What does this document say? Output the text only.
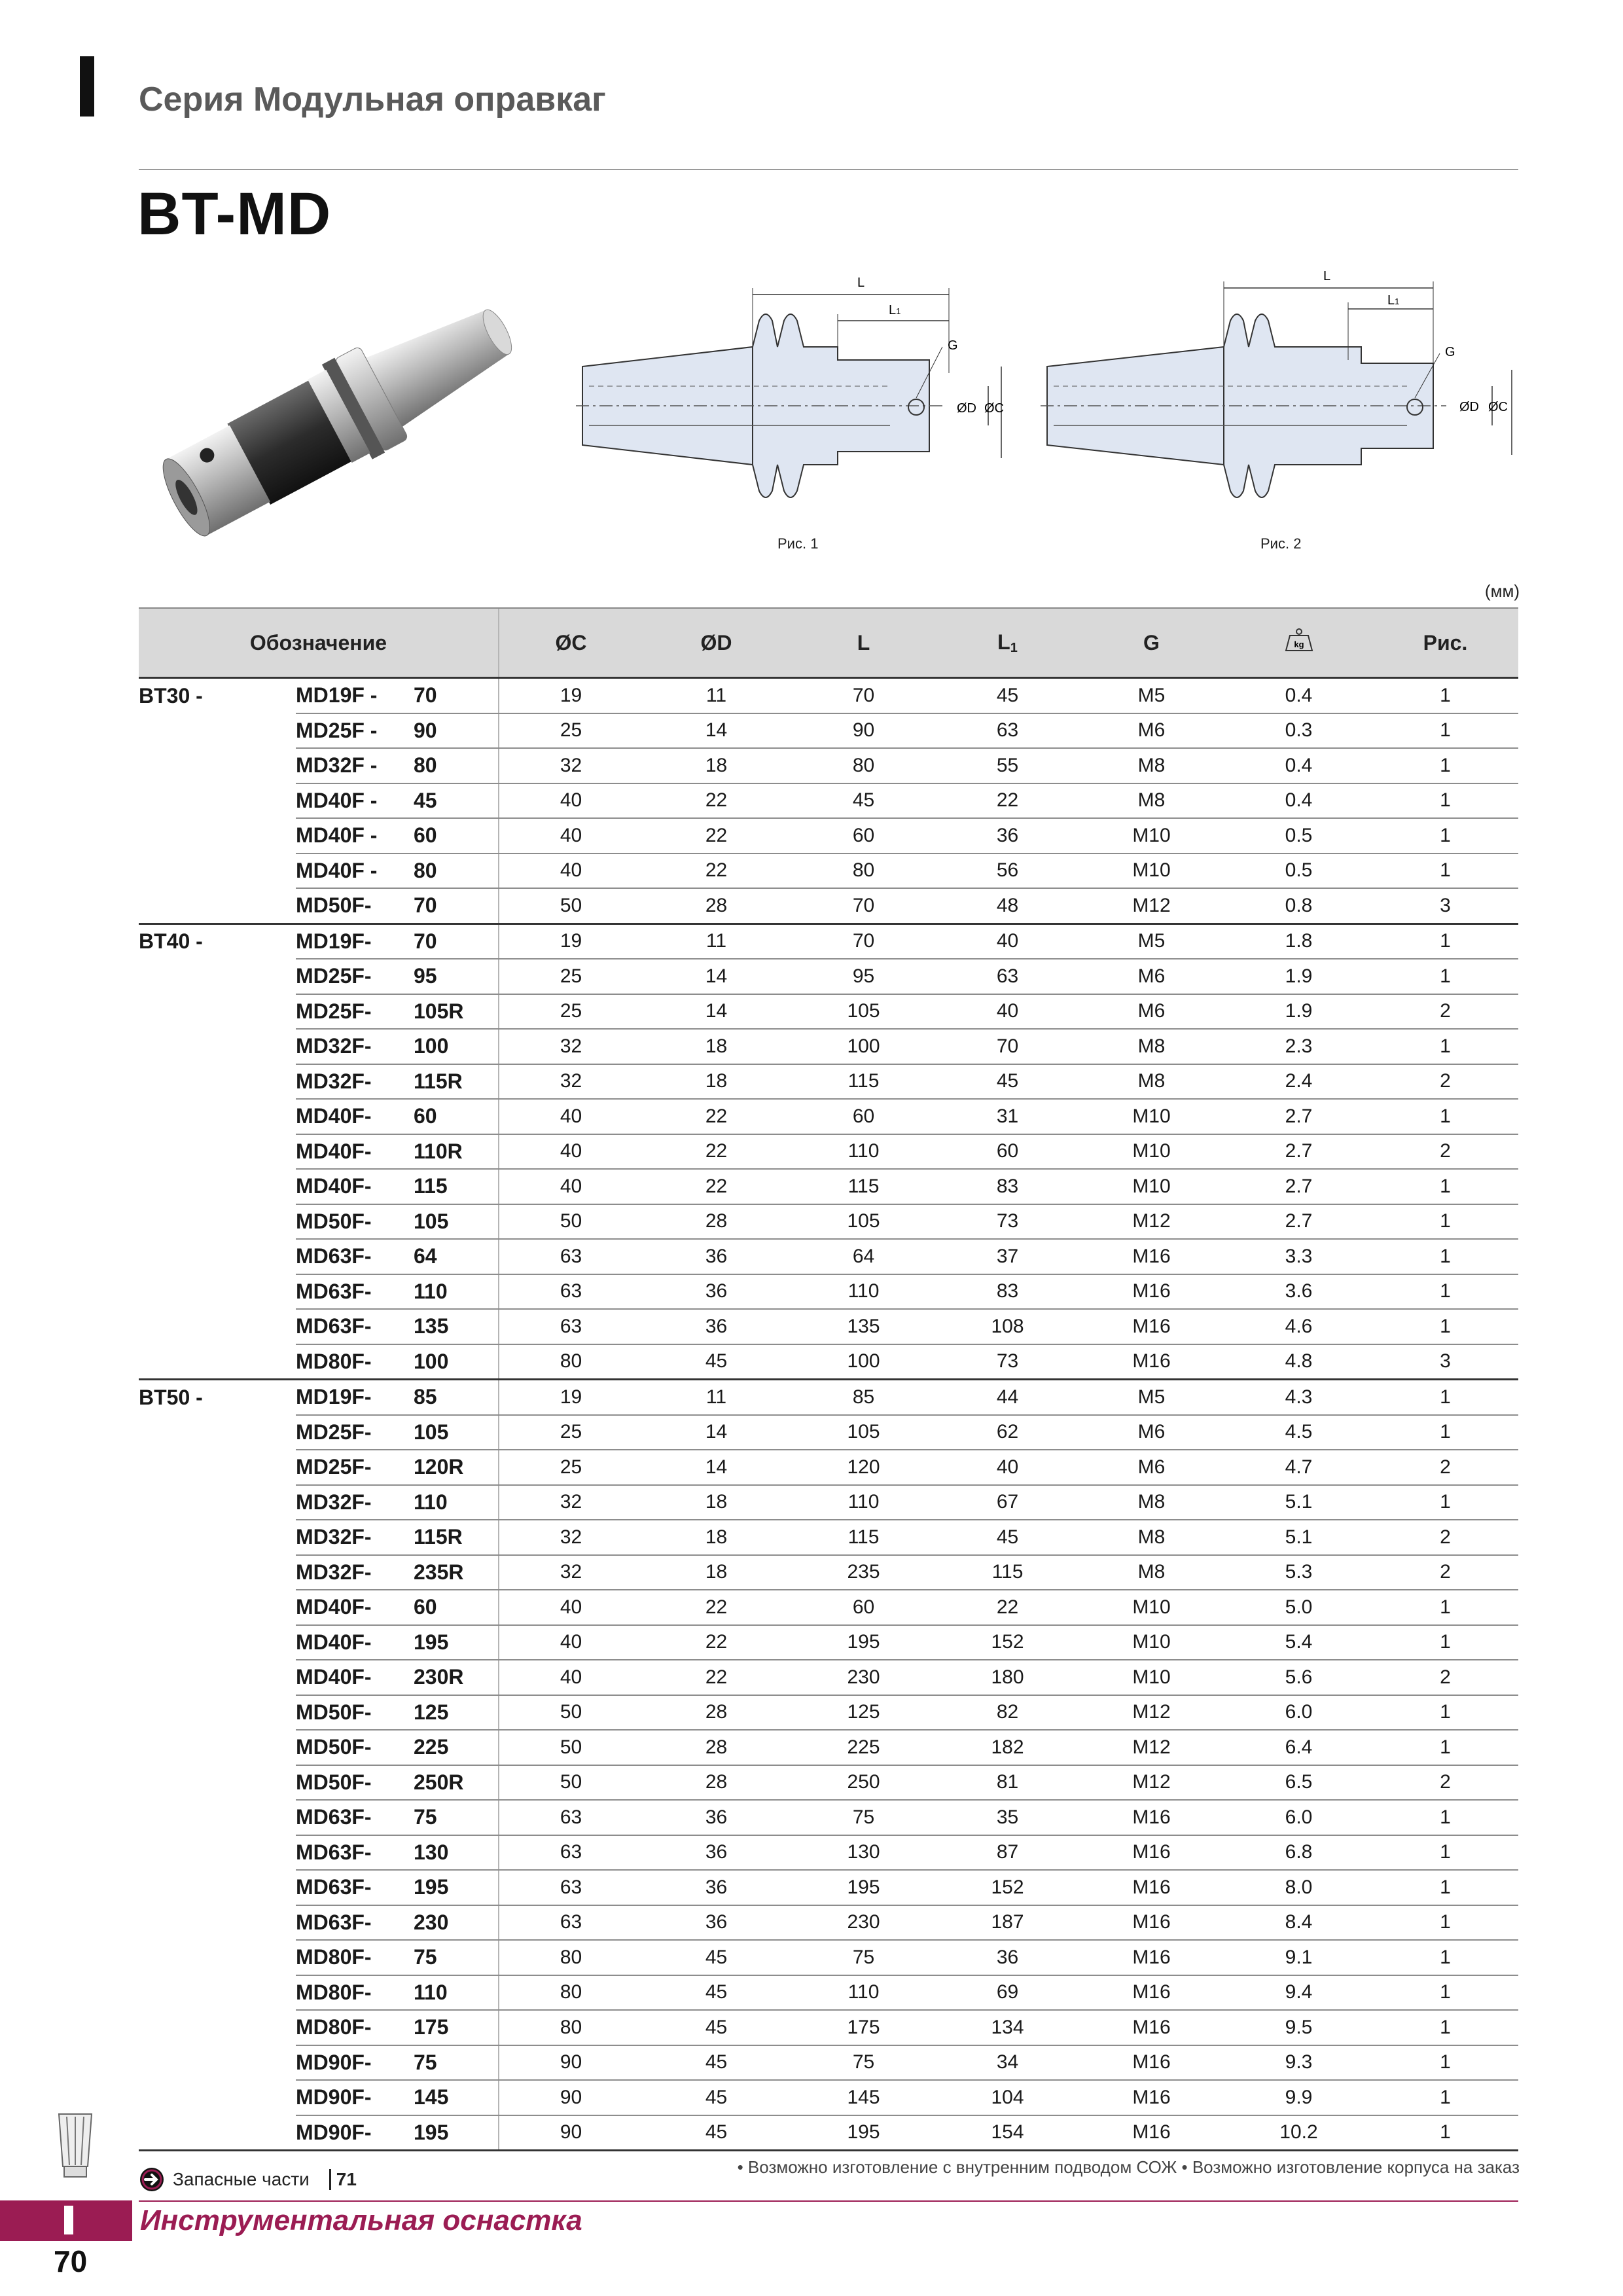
Серия Модульная оправкаг
BT-MD
L
L1
G
ØD ØC
Рис. 1
L
L1
G
ØD ØC
Рис. 2
(мм)
Обозначение			ØC	ØD	L	L1	G	kg	Рис.
BT30 -	MD19F -	70	19	11	70	45	M5	0.4	1
	MD25F -	90	25	14	90	63	M6	0.3	1
	MD32F -	80	32	18	80	55	M8	0.4	1
	MD40F -	45	40	22	45	22	M8	0.4	1
	MD40F -	60	40	22	60	36	M10	0.5	1
	MD40F -	80	40	22	80	56	M10	0.5	1
	MD50F-	70	50	28	70	48	M12	0.8	3
BT40 -	MD19F-	70	19	11	70	40	M5	1.8	1
	MD25F-	95	25	14	95	63	M6	1.9	1
	MD25F-	105R	25	14	105	40	M6	1.9	2
	MD32F-	100	32	18	100	70	M8	2.3	1
	MD32F-	115R	32	18	115	45	M8	2.4	2
	MD40F-	60	40	22	60	31	M10	2.7	1
	MD40F-	110R	40	22	110	60	M10	2.7	2
	MD40F-	115	40	22	115	83	M10	2.7	1
	MD50F-	105	50	28	105	73	M12	2.7	1
	MD63F-	64	63	36	64	37	M16	3.3	1
	MD63F-	110	63	36	110	83	M16	3.6	1
	MD63F-	135	63	36	135	108	M16	4.6	1
	MD80F-	100	80	45	100	73	M16	4.8	3
BT50 -	MD19F-	85	19	11	85	44	M5	4.3	1
	MD25F-	105	25	14	105	62	M6	4.5	1
	MD25F-	120R	25	14	120	40	M6	4.7	2
	MD32F-	110	32	18	110	67	M8	5.1	1
	MD32F-	115R	32	18	115	45	M8	5.1	2
	MD32F-	235R	32	18	235	115	M8	5.3	2
	MD40F-	60	40	22	60	22	M10	5.0	1
	MD40F-	195	40	22	195	152	M10	5.4	1
	MD40F-	230R	40	22	230	180	M10	5.6	2
	MD50F-	125	50	28	125	82	M12	6.0	1
	MD50F-	225	50	28	225	182	M12	6.4	1
	MD50F-	250R	50	28	250	81	M12	6.5	2
	MD63F-	75	63	36	75	35	M16	6.0	1
	MD63F-	130	63	36	130	87	M16	6.8	1
	MD63F-	195	63	36	195	152	M16	8.0	1
	MD63F-	230	63	36	230	187	M16	8.4	1
	MD80F-	75	80	45	75	36	M16	9.1	1
	MD80F-	110	80	45	110	69	M16	9.4	1
	MD80F-	175	80	45	175	134	M16	9.5	1
	MD90F-	75	90	45	75	34	M16	9.3	1
	MD90F-	145	90	45	145	104	M16	9.9	1
	MD90F-	195	90	45	195	154	M16	10.2	1
Запасные части	71
• Возможно изготовление с внутренним подводом СОЖ • Возможно изготовление корпуса на заказ
Инструментальная оснастка
70
